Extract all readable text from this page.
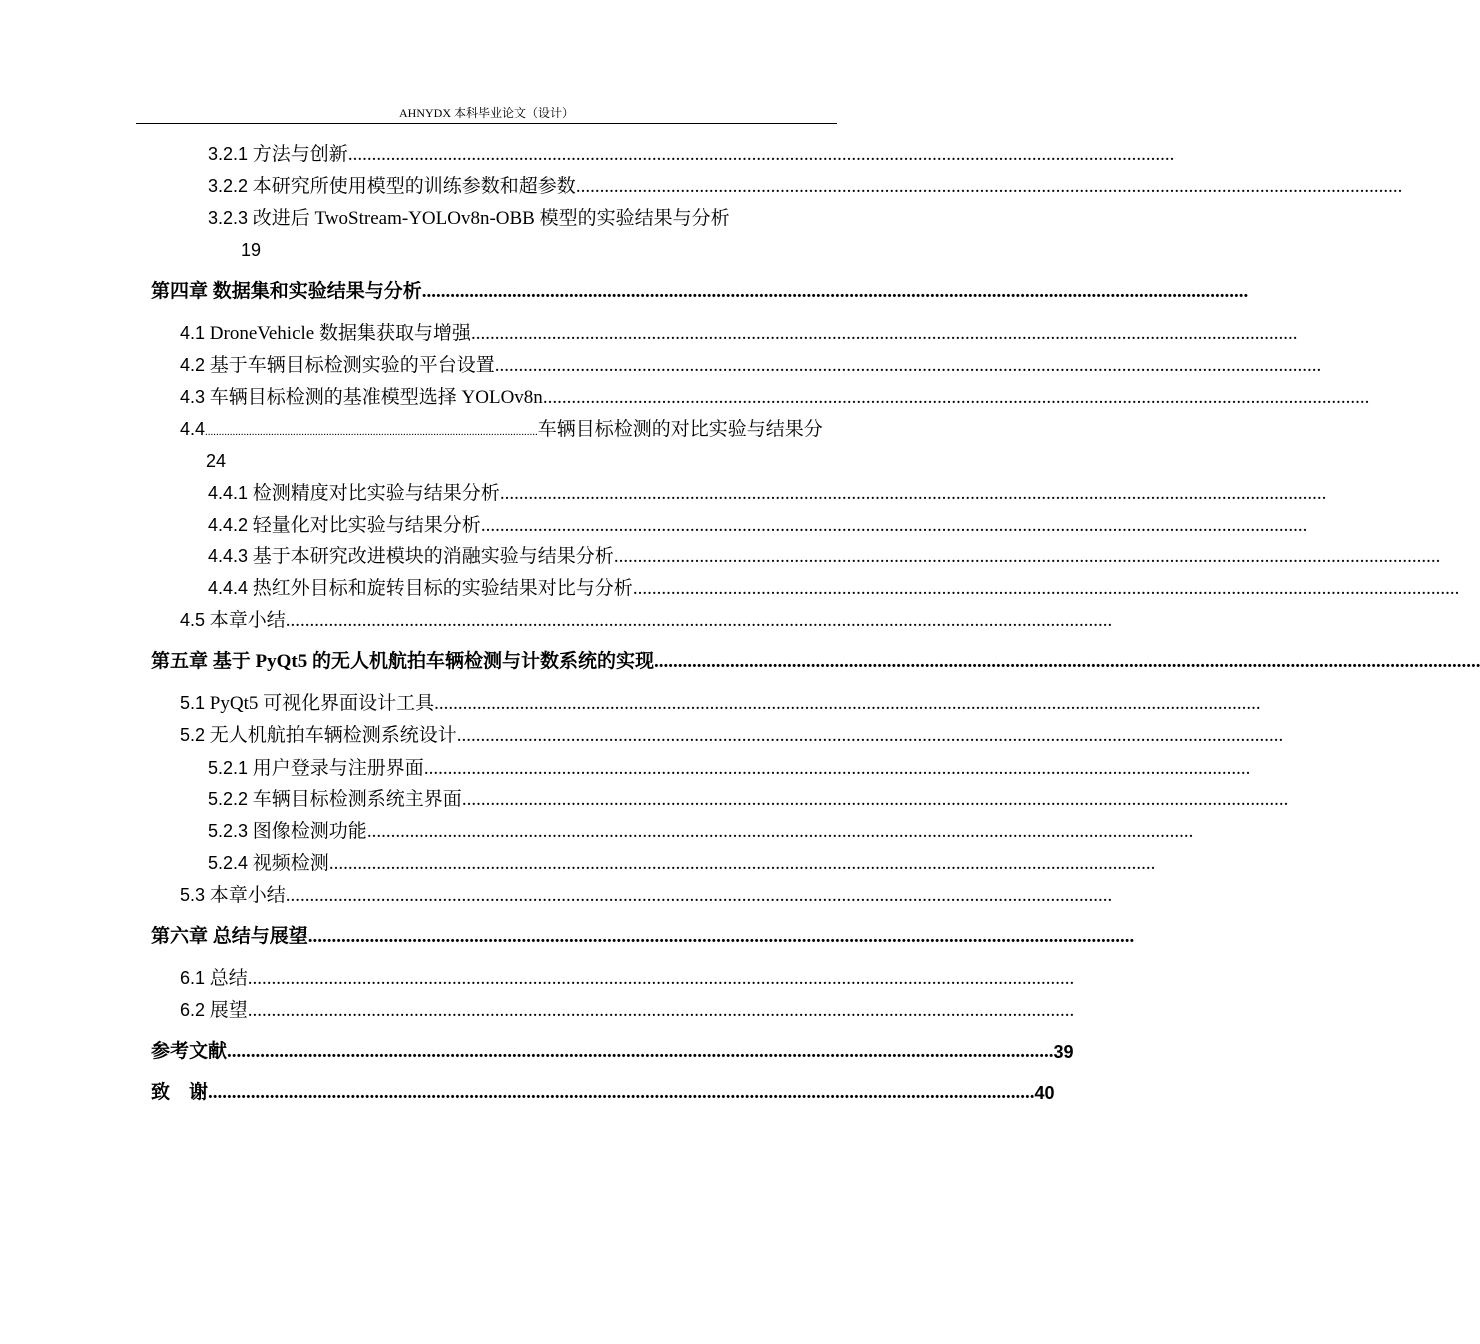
AHNYDX 本科毕业论文（设计）
3.2.1 方法与创新..............................................................................................................................................................................
3.2.2 本研究所使用模型的训练参数和超参数..............................................................................................................................................................................
3.2.3 改进后 TwoStream-YOLOv8n-OBB 模型的实验结果与分析
19
第四章 数据集和实验结果与分析..............................................................................................................................................................................
4.1 DroneVehicle 数据集获取与增强..............................................................................................................................................................................
4.2 基于车辆目标检测实验的平台设置..............................................................................................................................................................................
4.3 车辆目标检测的基准模型选择 YOLOv8n..............................................................................................................................................................................
4.4.........................................................................................................................车辆目标检测的对比实验与结果分
24
4.4.1 检测精度对比实验与结果分析..............................................................................................................................................................................
4.4.2 轻量化对比实验与结果分析..............................................................................................................................................................................
4.4.3 基于本研究改进模块的消融实验与结果分析..............................................................................................................................................................................
4.4.4 热红外目标和旋转目标的实验结果对比与分析..............................................................................................................................................................................
4.5 本章小结..............................................................................................................................................................................
第五章 基于 PyQt5 的无人机航拍车辆检测与计数系统的实现..............................................................................................................................................................................
5.1 PyQt5 可视化界面设计工具..............................................................................................................................................................................
5.2 无人机航拍车辆检测系统设计..............................................................................................................................................................................
5.2.1 用户登录与注册界面..............................................................................................................................................................................
5.2.2 车辆目标检测系统主界面..............................................................................................................................................................................
5.2.3 图像检测功能..............................................................................................................................................................................
5.2.4 视频检测..............................................................................................................................................................................
5.3 本章小结..............................................................................................................................................................................
第六章 总结与展望..............................................................................................................................................................................
6.1 总结..............................................................................................................................................................................
6.2 展望..............................................................................................................................................................................
参考文献 .............................................................................................................................................................................. 39
致    谢 .............................................................................................................................................................................. 40
